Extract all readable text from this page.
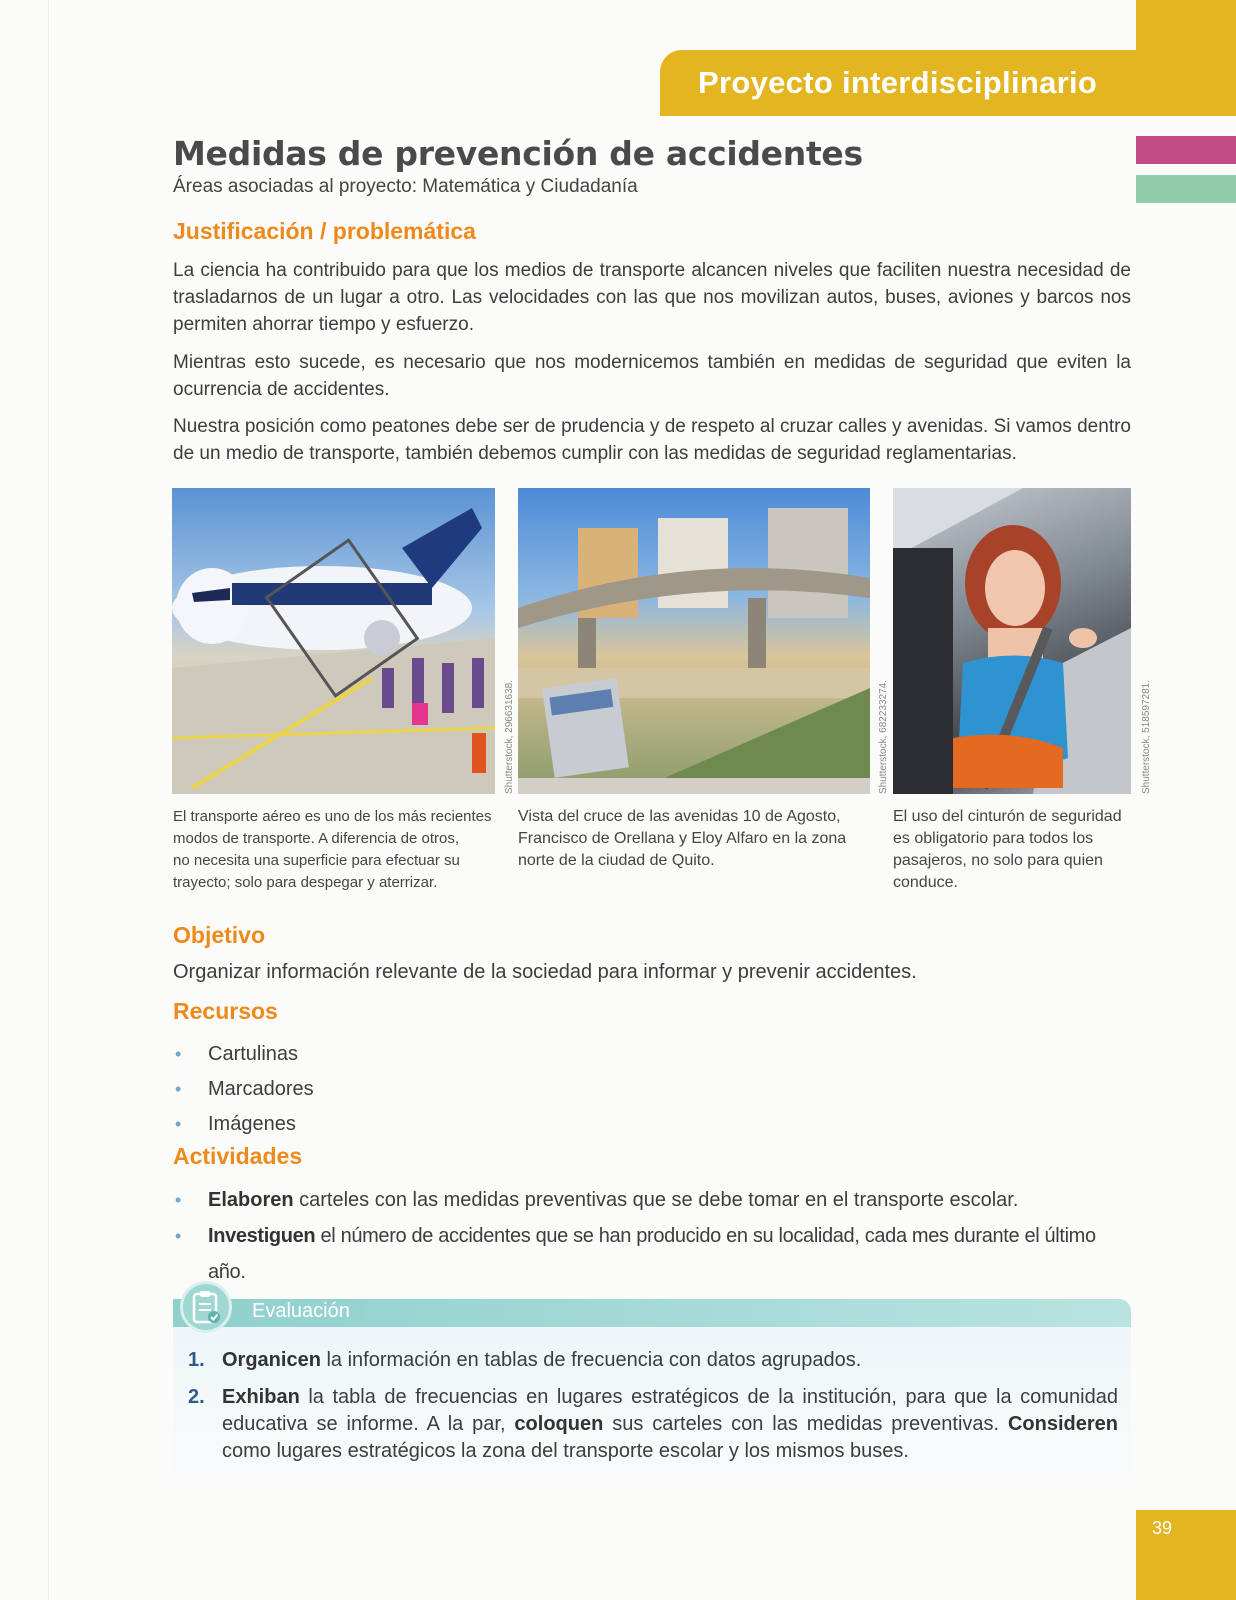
Proyecto interdisciplinario
Medidas de prevención de accidentes

Áreas asociadas al proyecto: Matemática y Ciudadanía

Justificación / problemática

La ciencia ha contribuido para que los medios de transporte alcancen niveles que faciliten nuestra necesidad de trasladarnos de un lugar a otro. Las velocidades con las que nos movilizan autos, buses, aviones y barcos nos permiten ahorrar tiempo y esfuerzo.

Mientras esto sucede, es necesario que nos modernicemos también en medidas de seguridad que eviten la ocurrencia de accidentes.

Nuestra posición como peatones debe ser de prudencia y de respeto al cruzar calles y avenidas. Si vamos dentro de un medio de transporte, también debemos cumplir con las medidas de seguridad reglamentarias.

Shutterstock, 296631638.	Shutterstock, 682233274.	Shutterstock, 518597281.
El transporte aéreo es uno de los más recientes
modos de transporte. A diferencia de otros,
no necesita una superficie para efectuar su
trayecto; solo para despegar y aterrizar.
Vista del cruce de las avenidas 10 de Agosto,
Francisco de Orellana y Eloy Alfaro en la zona
norte de la ciudad de Quito.
El uso del cinturón de seguridad
es obligatorio para todos los
pasajeros, no solo para quien
conduce.
Objetivo

Organizar información relevante de la sociedad para informar y prevenir accidentes.

Recursos
• Cartulinas
• Marcadores
• Imágenes
Actividades
• Elaboren carteles con las medidas preventivas que se debe tomar en el transporte escolar.
• Investiguen el número de accidentes que se han producido en su localidad, cada mes durante el último año.
Evaluación
1. Organicen la información en tablas de frecuencia con datos agrupados.
2. Exhiban la tabla de frecuencias en lugares estratégicos de la institución, para que la comunidad educativa se informe. A la par, coloquen sus carteles con las medidas preventivas. Consideren como lugares estratégicos la zona del transporte escolar y los mismos buses.
39
